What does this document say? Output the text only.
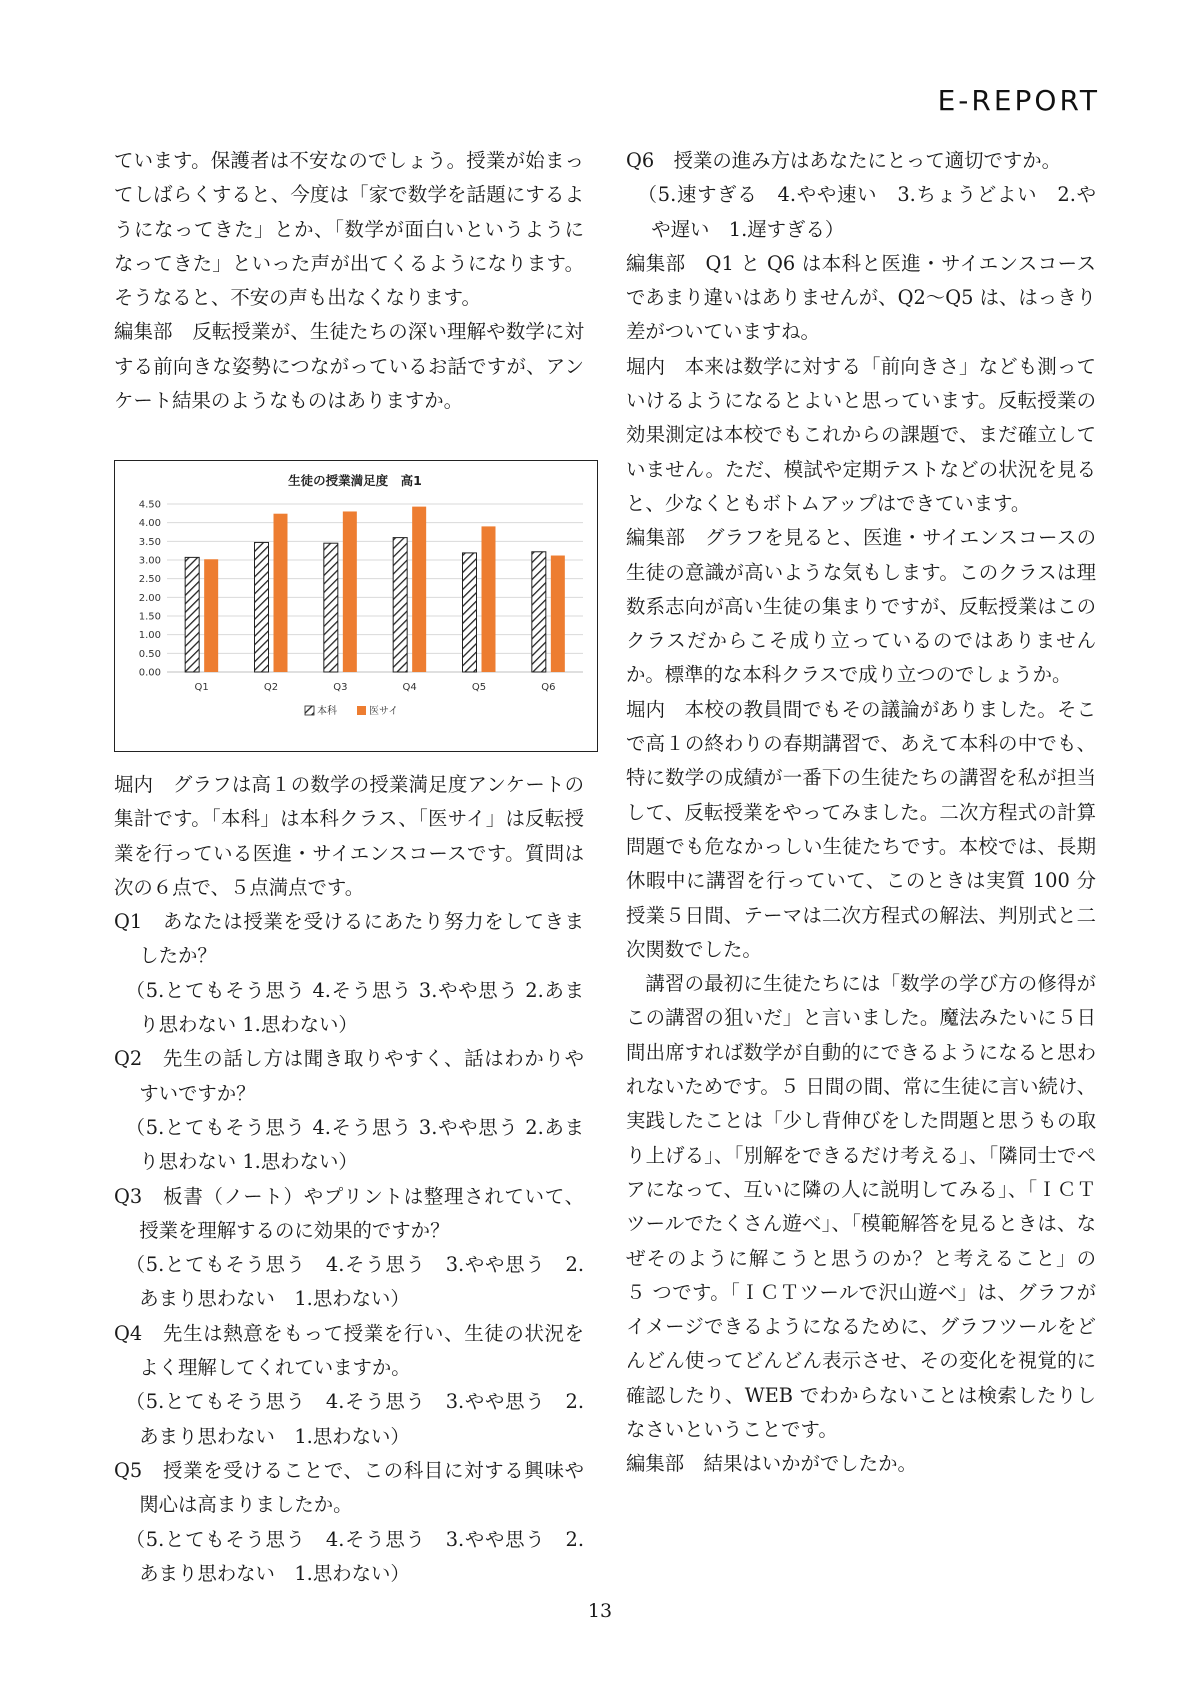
E-REPORT

ています。保護者は不安なのでしょう。授業が始まってしばらくすると、今度は「家で数学を話題にするようになってきた」とか、「数学が面白いというようになってきた」といった声が出てくるようになります。そうなると、不安の声も出なくなります。

編集部　反転授業が、生徒たちの深い理解や数学に対する前向きな姿勢につながっているお話ですが、アンケート結果のようなものはありますか。

生徒の授業満足度　高1
0.00
0.50
1.00
1.50
2.00
2.50
3.00
3.50
4.00
4.50
Q1	Q2	Q3	Q4	Q5	Q6
本科	医サイ

堀内　グラフは高１の数学の授業満足度アンケートの集計です。「本科」は本科クラス、「医サイ」は反転授業を行っている医進・サイエンスコースです。質問は次の６点で、５点満点です。

Q1　あなたは授業を受けるにあたり努力をしてきましたか？

（5.とてもそう思う 4.そう思う 3.やや思う 2.あまり思わない 1.思わない）

Q2　先生の話し方は聞き取りやすく、話はわかりやすいですか？

（5.とてもそう思う 4.そう思う 3.やや思う 2.あまり思わない 1.思わない）

Q3　板書（ノート）やプリントは整理されていて、授業を理解するのに効果的ですか？

（5.とてもそう思う　4.そう思う　3.やや思う　2.あまり思わない　1.思わない）

Q4　先生は熱意をもって授業を行い、生徒の状況をよく理解してくれていますか。

（5.とてもそう思う　4.そう思う　3.やや思う　2.あまり思わない　1.思わない）

Q5　授業を受けることで、この科目に対する興味や関心は高まりましたか。

（5.とてもそう思う　4.そう思う　3.やや思う　2.あまり思わない　1.思わない）

Q6　授業の進み方はあなたにとって適切ですか。

（5.速すぎる　4.やや速い　3.ちょうどよい　2.やや遅い　1.遅すぎる）

編集部　Q1 と Q6 は本科と医進・サイエンスコースであまり違いはありませんが、Q2〜Q5 は、はっきり差がついていますね。

堀内　本来は数学に対する「前向きさ」なども測っていけるようになるとよいと思っています。反転授業の効果測定は本校でもこれからの課題で、まだ確立していません。ただ、模試や定期テストなどの状況を見ると、少なくともボトムアップはできています。

編集部　グラフを見ると、医進・サイエンスコースの生徒の意識が高いような気もします。このクラスは理数系志向が高い生徒の集まりですが、反転授業はこのクラスだからこそ成り立っているのではありませんか。標準的な本科クラスで成り立つのでしょうか。

堀内　本校の教員間でもその議論がありました。そこで高１の終わりの春期講習で、あえて本科の中でも、特に数学の成績が一番下の生徒たちの講習を私が担当して、反転授業をやってみました。二次方程式の計算問題でも危なかっしい生徒たちです。本校では、長期休暇中に講習を行っていて、このときは実質 100 分授業５日間、テーマは二次方程式の解法、判別式と二次関数でした。

講習の最初に生徒たちには「数学の学び方の修得がこの講習の狙いだ」と言いました。魔法みたいに５日間出席すれば数学が自動的にできるようになると思われないためです。５ 日間の間、常に生徒に言い続け、実践したことは「少し背伸びをした問題と思うもの取り上げる」、「別解をできるだけ考える」、「隣同士でペアになって、互いに隣の人に説明してみる」、「ＩＣＴツールでたくさん遊べ」、「模範解答を見るときは、なぜそのように解こうと思うのか？と考えること」の ５ つです。「ＩＣＴツールで沢山遊べ」は、グラフがイメージできるようになるために、グラフツールをどんどん使ってどんどん表示させ、その変化を視覚的に確認したり、WEB でわからないことは検索したりしなさいということです。

編集部　結果はいかがでしたか。

13
